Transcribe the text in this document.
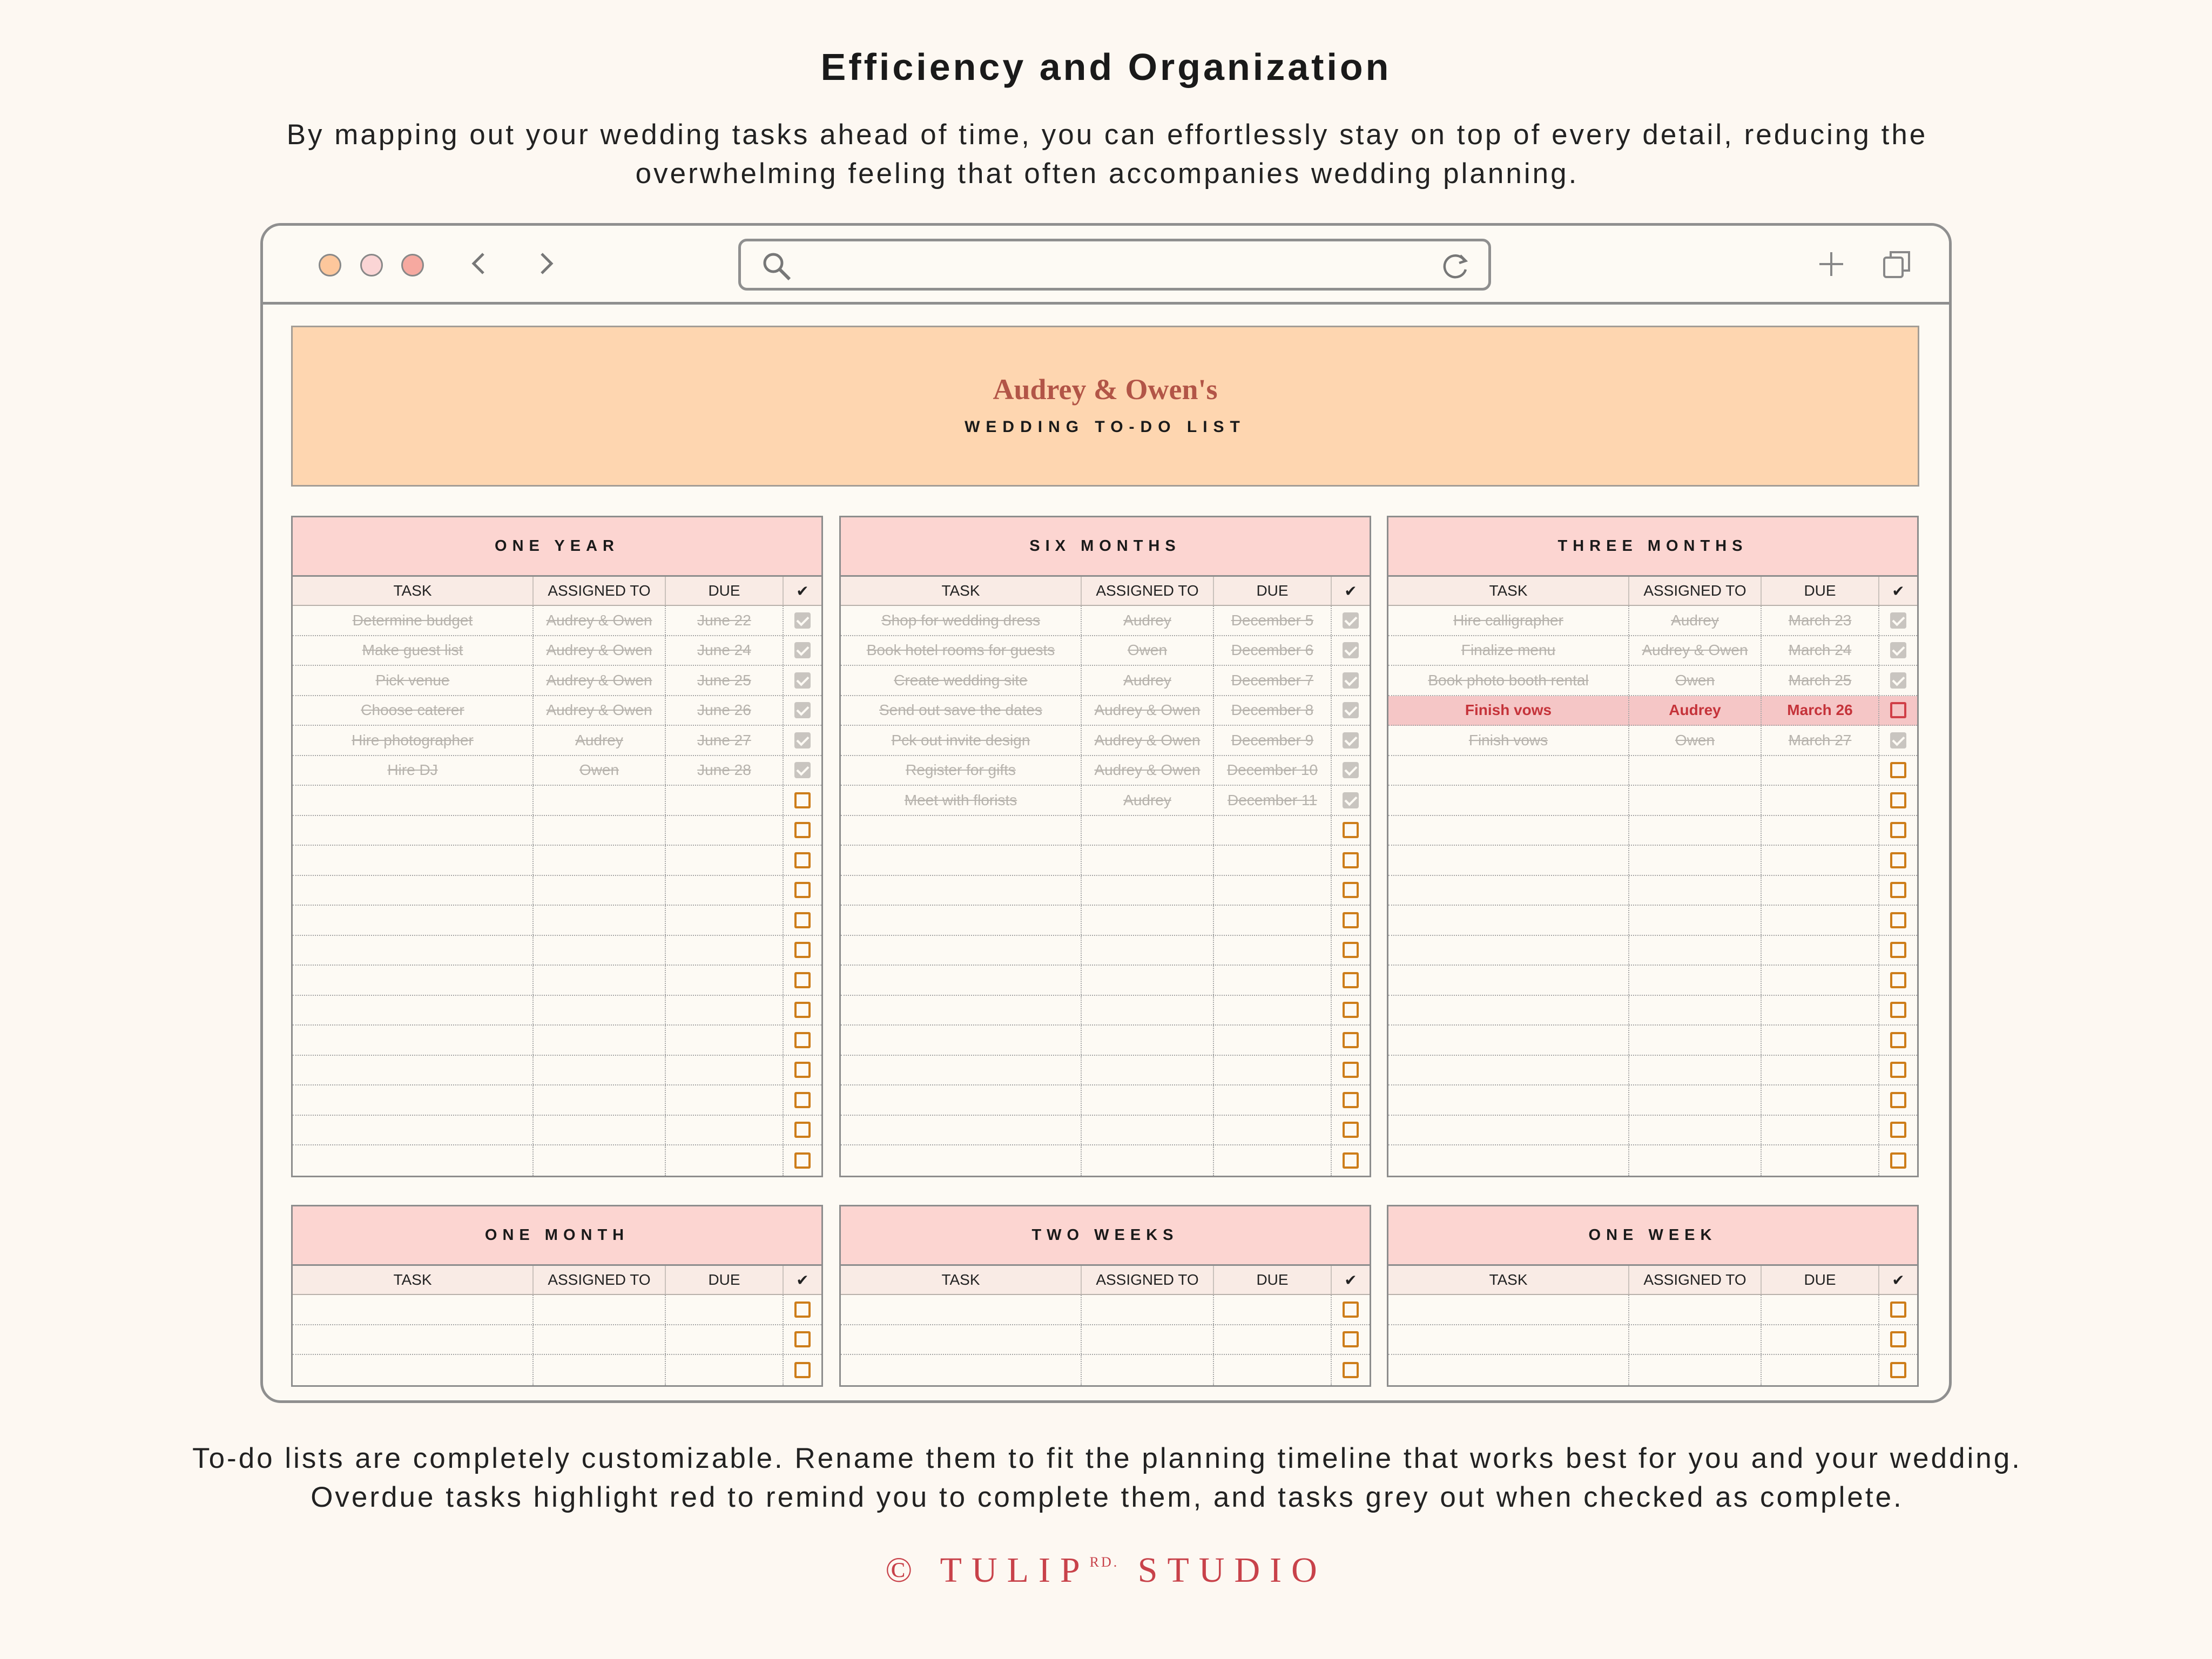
Efficiency and Organization
By mapping out your wedding tasks ahead of time, you can effortlessly stay on top of every detail, reducing the overwhelming feeling that often accompanies wedding planning.
Audrey & Owen's
WEDDING TO-DO LIST
ONE YEAR
TASK	ASSIGNED TO	DUE	✔
Determine budget	Audrey & Owen	June 22
Make guest list	Audrey & Owen	June 24
Pick venue	Audrey & Owen	June 25
Choose caterer	Audrey & Owen	June 26
Hire photographer	Audrey	June 27
Hire DJ	Owen	June 28
SIX MONTHS
TASK	ASSIGNED TO	DUE	✔
Shop for wedding dress	Audrey	December 5
Book hotel rooms for guests	Owen	December 6
Create wedding site	Audrey	December 7
Send out save the dates	Audrey & Owen	December 8
Pck out invite design	Audrey & Owen	December 9
Register for gifts	Audrey & Owen	December 10
Meet with florists	Audrey	December 11
THREE MONTHS
TASK	ASSIGNED TO	DUE	✔
Hire calligrapher	Audrey	March 23
Finalize menu	Audrey & Owen	March 24
Book photo booth rental	Owen	March 25
Finish vows	Audrey	March 26
Finish vows	Owen	March 27
ONE MONTH
TASK	ASSIGNED TO	DUE	✔
TWO WEEKS
TASK	ASSIGNED TO	DUE	✔
ONE WEEK
TASK	ASSIGNED TO	DUE	✔
To-do lists are completely customizable. Rename them to fit the planning timeline that works best for you and your wedding. Overdue tasks highlight red to remind you to complete them, and tasks grey out when checked as complete.
© $TULIP^{RD.}$ STUDIO
